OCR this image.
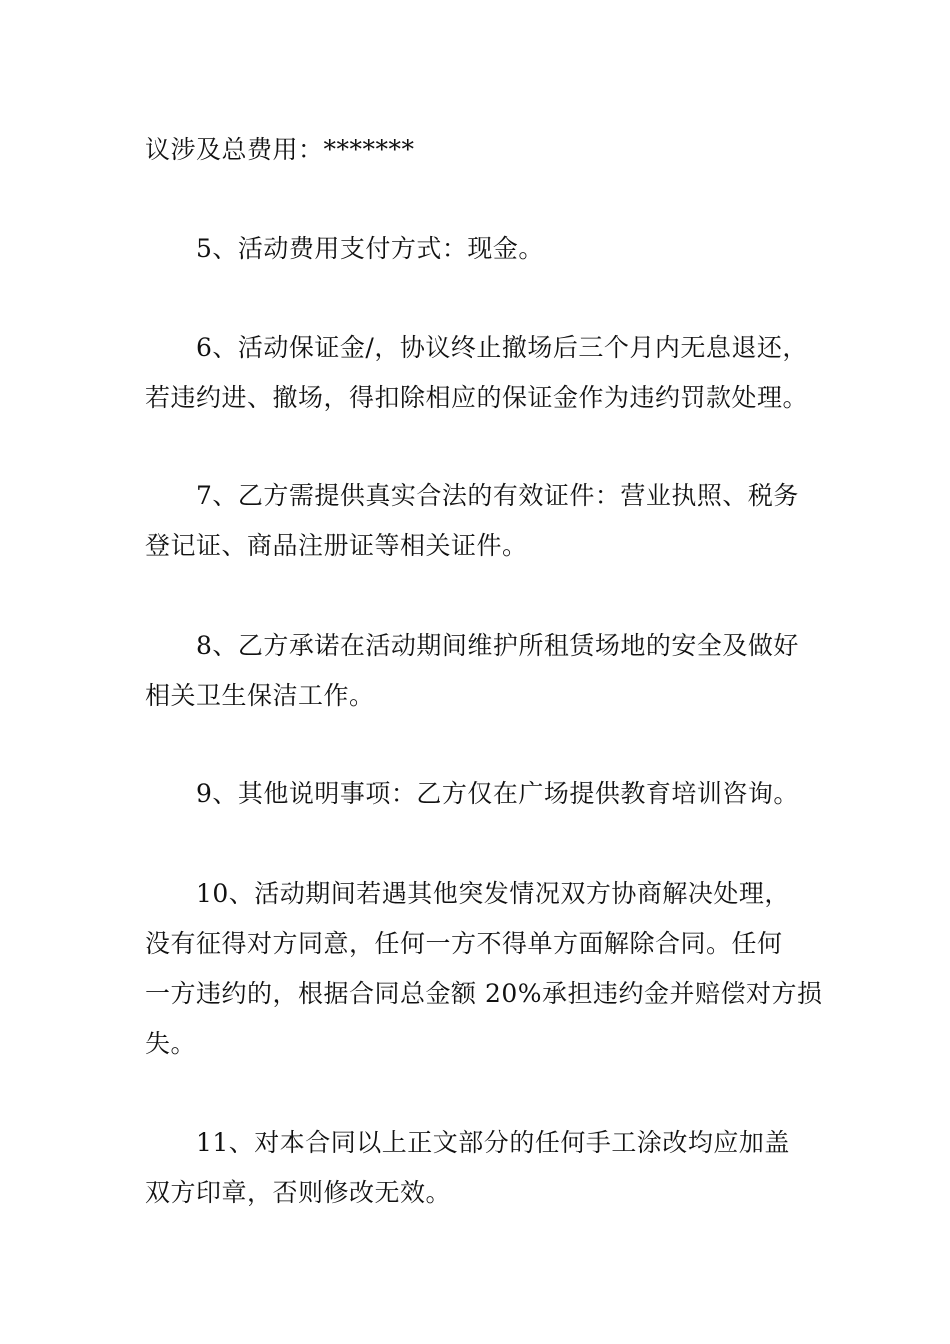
议涉及总费用：*******
5、活动费用支付方式：现金。
6、活动保证金/，协议终止撤场后三个月内无息退还，
若违约进、撤场，得扣除相应的保证金作为违约罚款处理。
7、乙方需提供真实合法的有效证件：营业执照、税务
登记证、商品注册证等相关证件。
8、乙方承诺在活动期间维护所租赁场地的安全及做好
相关卫生保洁工作。
9、其他说明事项：乙方仅在广场提供教育培训咨询。
10、活动期间若遇其他突发情况双方协商解决处理，
没有征得对方同意，任何一方不得单方面解除合同。任何
一方违约的，根据合同总金额 20%承担违约金并赔偿对方损
失。
11、对本合同以上正文部分的任何手工涂改均应加盖
双方印章，否则修改无效。
